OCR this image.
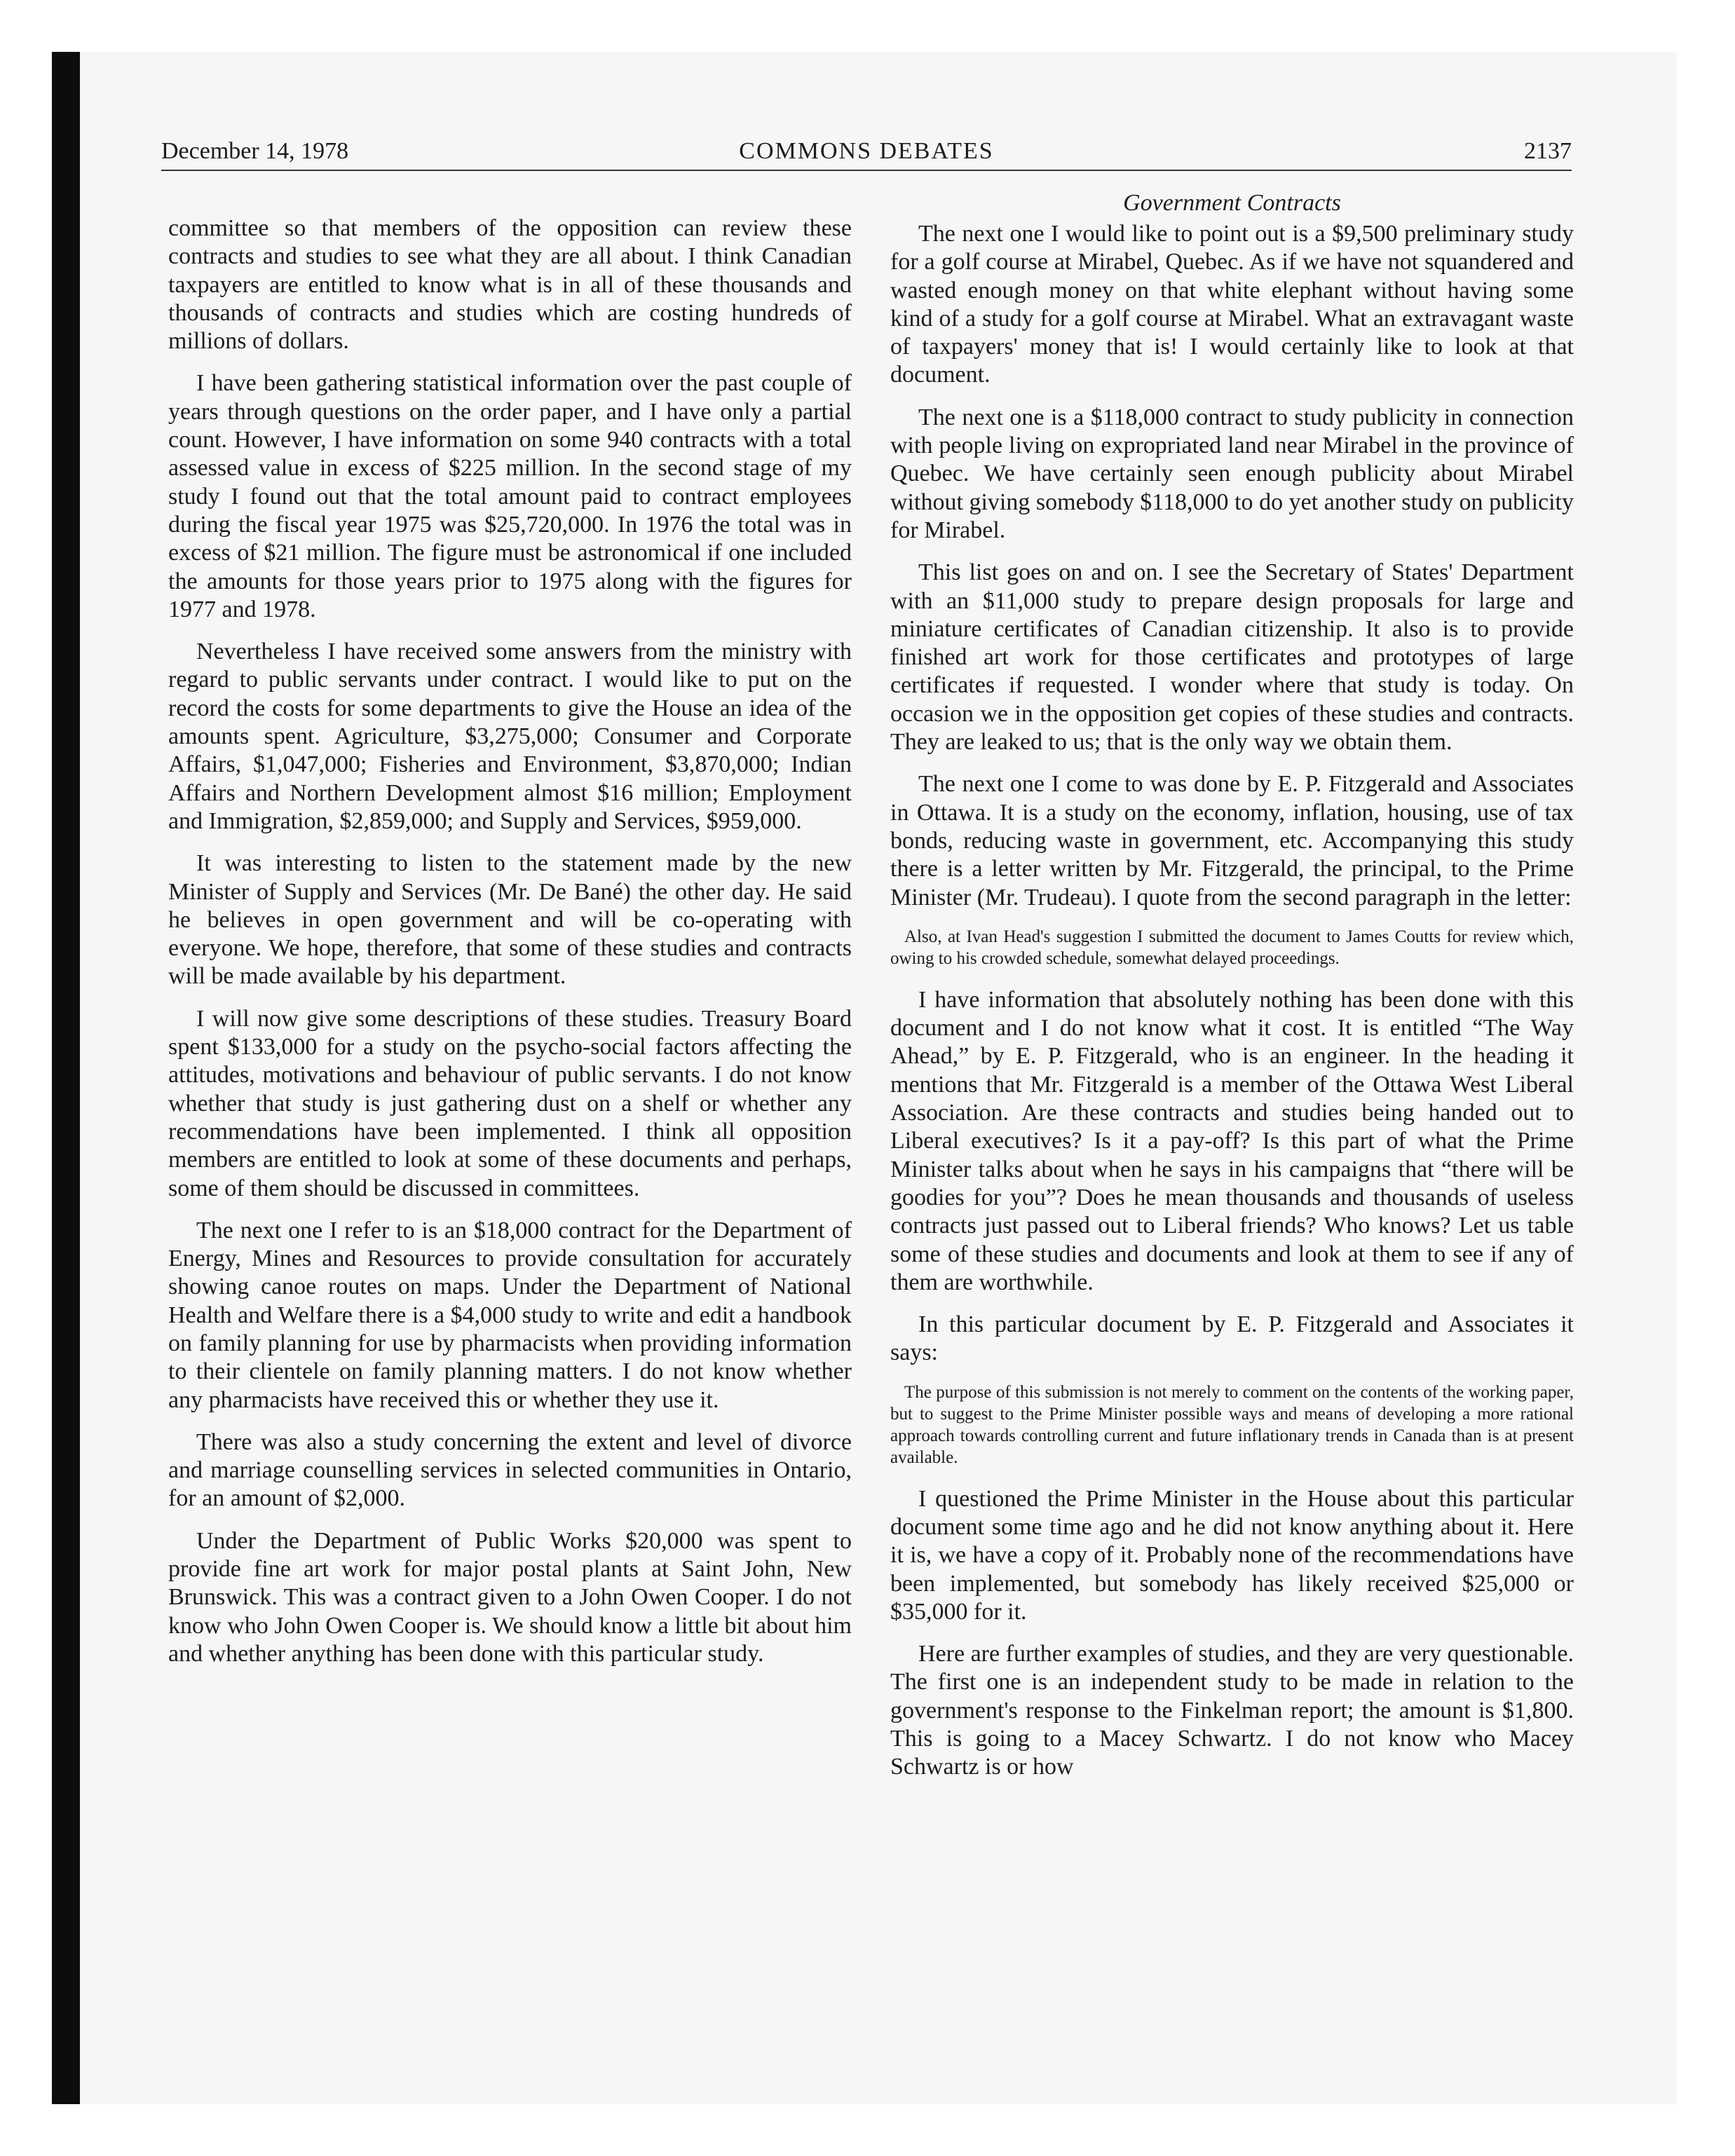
December 14, 1978	COMMONS DEBATES	2137

committee so that members of the opposition can review these contracts and studies to see what they are all about. I think Canadian taxpayers are entitled to know what is in all of these thousands and thousands of contracts and studies which are costing hundreds of millions of dollars.

I have been gathering statistical information over the past couple of years through questions on the order paper, and I have only a partial count. However, I have information on some 940 contracts with a total assessed value in excess of $225 million. In the second stage of my study I found out that the total amount paid to contract employees during the fiscal year 1975 was $25,720,000. In 1976 the total was in excess of $21 million. The figure must be astronomical if one included the amounts for those years prior to 1975 along with the figures for 1977 and 1978.

Nevertheless I have received some answers from the ministry with regard to public servants under contract. I would like to put on the record the costs for some departments to give the House an idea of the amounts spent. Agriculture, $3,275,000; Consumer and Corporate Affairs, $1,047,000; Fisheries and Environment, $3,870,000; Indian Affairs and Northern Development almost $16 million; Employment and Immigration, $2,859,000; and Supply and Services, $959,000.

It was interesting to listen to the statement made by the new Minister of Supply and Services (Mr. De Bané) the other day. He said he believes in open government and will be co-operating with everyone. We hope, therefore, that some of these studies and contracts will be made available by his department.

I will now give some descriptions of these studies. Treasury Board spent $133,000 for a study on the psycho-social factors affecting the attitudes, motivations and behaviour of public servants. I do not know whether that study is just gathering dust on a shelf or whether any recommendations have been implemented. I think all opposition members are entitled to look at some of these documents and perhaps, some of them should be discussed in committees.

The next one I refer to is an $18,000 contract for the Department of Energy, Mines and Resources to provide consultation for accurately showing canoe routes on maps. Under the Department of National Health and Welfare there is a $4,000 study to write and edit a handbook on family planning for use by pharmacists when providing information to their clientele on family planning matters. I do not know whether any pharmacists have received this or whether they use it.

There was also a study concerning the extent and level of divorce and marriage counselling services in selected communities in Ontario, for an amount of $2,000.

Under the Department of Public Works $20,000 was spent to provide fine art work for major postal plants at Saint John, New Brunswick. This was a contract given to a John Owen Cooper. I do not know who John Owen Cooper is. We should know a little bit about him and whether anything has been done with this particular study.

Government Contracts

The next one I would like to point out is a $9,500 preliminary study for a golf course at Mirabel, Quebec. As if we have not squandered and wasted enough money on that white elephant without having some kind of a study for a golf course at Mirabel. What an extravagant waste of taxpayers' money that is! I would certainly like to look at that document.

The next one is a $118,000 contract to study publicity in connection with people living on expropriated land near Mirabel in the province of Quebec. We have certainly seen enough publicity about Mirabel without giving somebody $118,000 to do yet another study on publicity for Mirabel.

This list goes on and on. I see the Secretary of States' Department with an $11,000 study to prepare design proposals for large and miniature certificates of Canadian citizenship. It also is to provide finished art work for those certificates and prototypes of large certificates if requested. I wonder where that study is today. On occasion we in the opposition get copies of these studies and contracts. They are leaked to us; that is the only way we obtain them.

The next one I come to was done by E. P. Fitzgerald and Associates in Ottawa. It is a study on the economy, inflation, housing, use of tax bonds, reducing waste in government, etc. Accompanying this study there is a letter written by Mr. Fitzgerald, the principal, to the Prime Minister (Mr. Trudeau). I quote from the second paragraph in the letter:

Also, at Ivan Head's suggestion I submitted the document to James Coutts for review which, owing to his crowded schedule, somewhat delayed proceedings.

I have information that absolutely nothing has been done with this document and I do not know what it cost. It is entitled “The Way Ahead,” by E. P. Fitzgerald, who is an engineer. In the heading it mentions that Mr. Fitzgerald is a member of the Ottawa West Liberal Association. Are these contracts and studies being handed out to Liberal executives? Is it a pay-off? Is this part of what the Prime Minister talks about when he says in his campaigns that “there will be goodies for you”? Does he mean thousands and thousands of useless contracts just passed out to Liberal friends? Who knows? Let us table some of these studies and documents and look at them to see if any of them are worthwhile.

In this particular document by E. P. Fitzgerald and Associates it says:

The purpose of this submission is not merely to comment on the contents of the working paper, but to suggest to the Prime Minister possible ways and means of developing a more rational approach towards controlling current and future inflationary trends in Canada than is at present available.

I questioned the Prime Minister in the House about this particular document some time ago and he did not know anything about it. Here it is, we have a copy of it. Probably none of the recommendations have been implemented, but somebody has likely received $25,000 or $35,000 for it.

Here are further examples of studies, and they are very questionable. The first one is an independent study to be made in relation to the government's response to the Finkelman report; the amount is $1,800. This is going to a Macey Schwartz. I do not know who Macey Schwartz is or how
